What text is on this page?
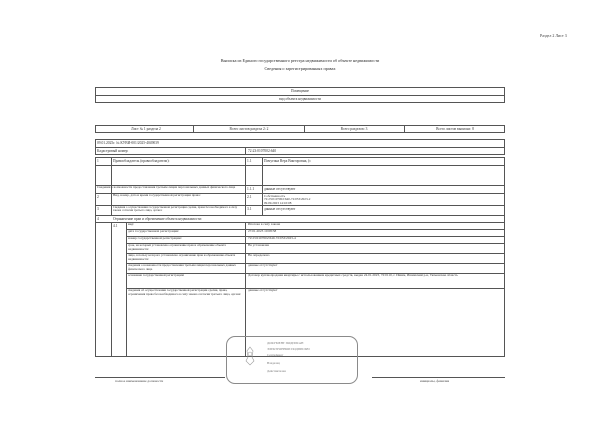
Раздел 2 Лист 3
Выписка из Единого государственного реестра недвижимости об объекте недвижимости
Сведения о зарегистрированных правах
Помещение
вид объекта недвижимости
Лист № 1 раздела 2	Всего листов раздела 2: 2	Всего разделов: 3	Всего листов выписки: 8
09.01.2025г. № КУВИ-001/2025-4049039
Кадастровый номер:	72:23:0107002:640
1	Правообладатель (правообладатели):	1.1	Пичугина Вера Викторовна, (с
Сведения о возможности предоставления третьим лицам персональных данных физического лица
1.1.1	данные отсутствуют
2	Вид, номер, дата и время государственной регистрации права:	2.1	Собственность
72:23:0107002:640-72/053/2023-2
09.09.2023 14:10:08
3
Сведения о осуществлении государственной регистрации сделки, права без необходимого в силу закона согласия третьего лица, органа:	3.1	данные отсутствуют
4	Ограничение прав и обременение объекта недвижимости:
4.1	вид:	Ипотека в силу закона
дата государственной регистрации:	27.01.2023 10:08:38
номер государственной регистрации:	72:23:0107002:640-72/053/2023-4
срок, на который установлено ограничение прав и обременение объекта недвижимости:
Не установлен
лицо, в пользу которого установлено ограничение прав и обременение объекта недвижимости:
Не определено
сведения о возможности предоставления третьим лицам персональных данных физического лица
данные отсутствуют
основание государственной регистрации:	Договор купли-продажи квартиры с использованием кредитных средств, выдан 24.01.2023, 72:0110, г. Ишим, Ишимский р-н, Тюменская область
сведения об осуществлении государственной регистрации сделки, права, ограничения права без необходимого в силу закона согласия третьего лица, органа:
данные отсутствуют
полное наименование должности	инициалы, фамилия
ДОКУМЕНТ ПОДПИСАН
ЭЛЕКТРОННОЙ ПОДПИСЬЮ
Сертификат
Владелец
Действителен
